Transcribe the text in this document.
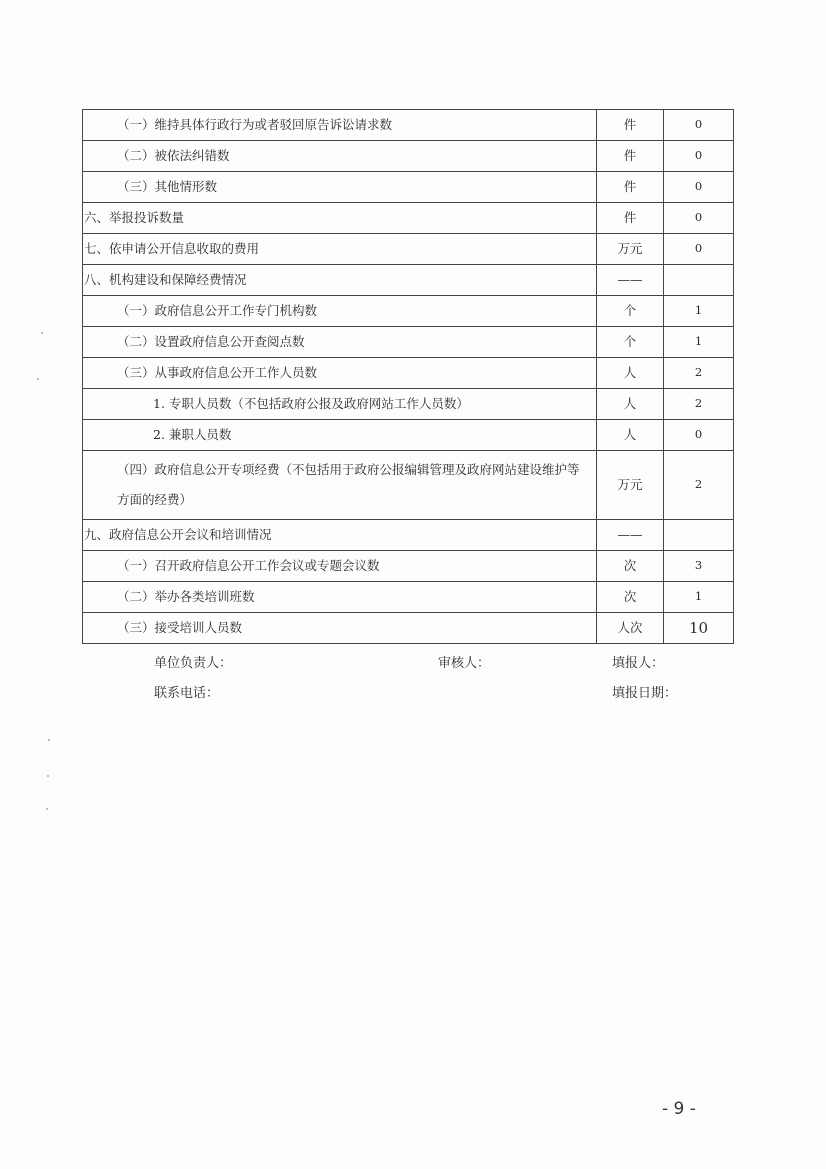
（一）维持具体行政行为或者驳回原告诉讼请求数	件	0
（二）被依法纠错数	件	0
（三）其他情形数	件	0
六、举报投诉数量	件	0
七、依申请公开信息收取的费用	万元	0
八、机构建设和保障经费情况	——	
（一）政府信息公开工作专门机构数	个	1
（二）设置政府信息公开查阅点数	个	1
（三）从事政府信息公开工作人员数	人	2
1. 专职人员数（不包括政府公报及政府网站工作人员数）	人	2
2. 兼职人员数	人	0
（四）政府信息公开专项经费（不包括用于政府公报编辑管理及政府网站建设维护等方面的经费）	万元	2
九、政府信息公开会议和培训情况	——	
（一）召开政府信息公开工作会议或专题会议数	次	3
（二）举办各类培训班数	次	1
（三）接受培训人员数	人次	10
单位负责人：	审核人：	填报人：
联系电话：	填报日期：
- 9 -
